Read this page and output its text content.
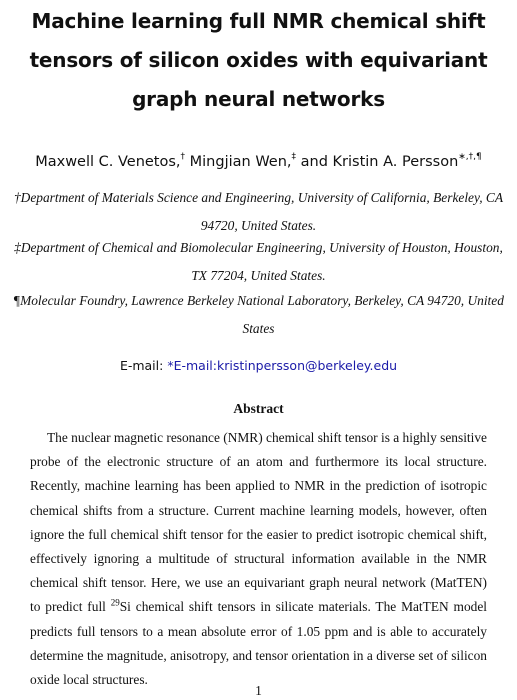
Machine learning full NMR chemical shift tensors of silicon oxides with equivariant graph neural networks
Maxwell C. Venetos,† Mingjian Wen,‡ and Kristin A. Persson∗,†,¶
†Department of Materials Science and Engineering, University of California, Berkeley, CA 94720, United States.
‡Department of Chemical and Biomolecular Engineering, University of Houston, Houston, TX 77204, United States.
¶Molecular Foundry, Lawrence Berkeley National Laboratory, Berkeley, CA 94720, United States
E-mail: *E-mail:kristinpersson@berkeley.edu
Abstract

The nuclear magnetic resonance (NMR) chemical shift tensor is a highly sensitive probe of the electronic structure of an atom and furthermore its local structure. Recently, machine learning has been applied to NMR in the prediction of isotropic chemical shifts from a structure. Current machine learning models, however, often ignore the full chemical shift tensor for the easier to predict isotropic chemical shift, effectively ignoring a multitude of structural information available in the NMR chemical shift tensor. Here, we use an equivariant graph neural network (MatTEN) to predict full $^{29}$Si chemical shift tensors in silicate materials. The MatTEN model predicts full tensors to a mean absolute error of 1.05 ppm and is able to accurately determine the magnitude, anisotropy, and tensor orientation in a diverse set of silicon oxide local structures.

1
